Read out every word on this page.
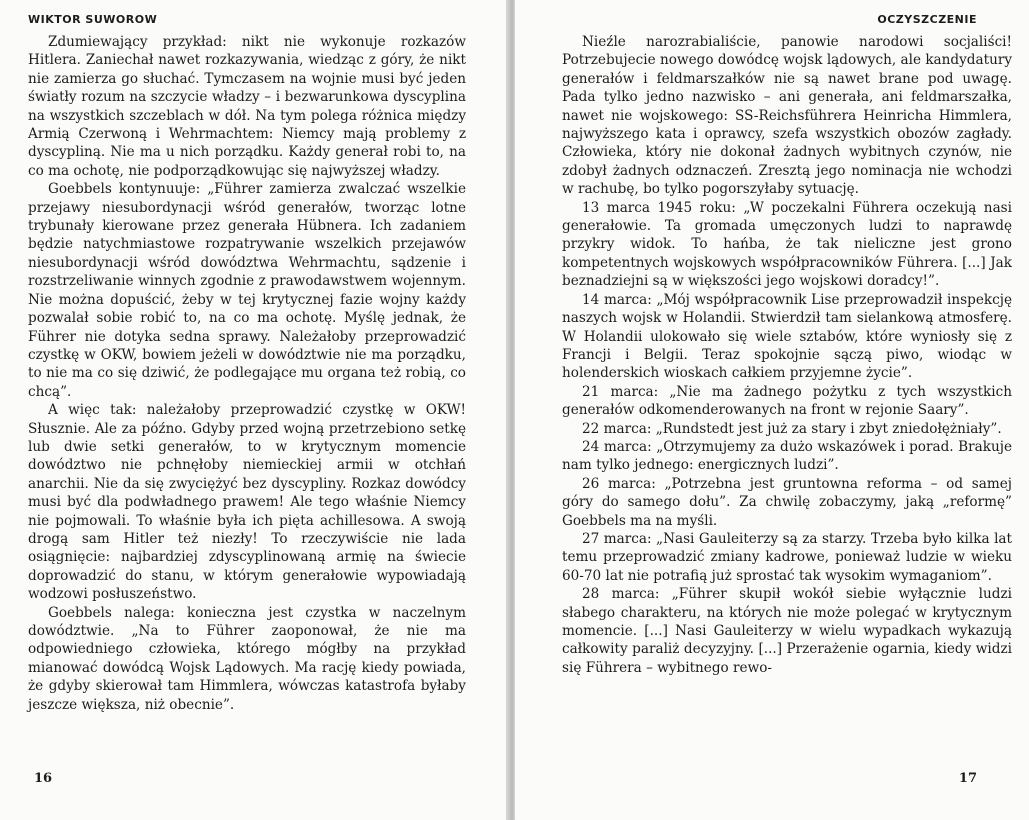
WIKTOR SUWOROW

Zdumiewający przykład: nikt nie wykonuje rozkazów Hitlera. Zaniechał nawet rozkazywania, wiedząc z góry, że nikt nie zamierza go słuchać. Tymczasem na wojnie musi być jeden światły rozum na szczycie władzy – i bezwarunkowa dyscyplina na wszystkich szczeblach w dół. Na tym polega różnica między Armią Czerwoną i Wehrmachtem: Niemcy mają problemy z dyscypliną. Nie ma u nich porządku. Każdy generał robi to, na co ma ochotę, nie podporządkowując się najwyższej władzy.

Goebbels kontynuuje: „Führer zamierza zwalczać wszelkie przejawy niesubordynacji wśród generałów, tworząc lotne trybunały kierowane przez generała Hübnera. Ich zadaniem będzie natychmiastowe rozpatrywanie wszelkich przejawów niesubordynacji wśród dowództwa Wehrmachtu, sądzenie i rozstrzeliwanie winnych zgodnie z prawodawstwem wojennym. Nie można dopuścić, żeby w tej krytycznej fazie wojny każdy pozwalał sobie robić to, na co ma ochotę. Myślę jednak, że Führer nie dotyka sedna sprawy. Należałoby przeprowadzić czystkę w OKW, bowiem jeżeli w dowództwie nie ma porządku, to nie ma co się dziwić, że podlegające mu organa też robią, co chcą”.

A więc tak: należałoby przeprowadzić czystkę w OKW! Słusznie. Ale za późno. Gdyby przed wojną przetrzebiono setkę lub dwie setki generałów, to w krytycznym momencie dowództwo nie pchnęłoby niemieckiej armii w otchłań anarchii. Nie da się zwyciężyć bez dyscypliny. Rozkaz dowódcy musi być dla podwładnego prawem! Ale tego właśnie Niemcy nie pojmowali. To właśnie była ich pięta achillesowa. A swoją drogą sam Hitler też niezły! To rzeczywiście nie lada osiągnięcie: najbardziej zdyscyplinowaną armię na świecie doprowadzić do stanu, w którym generałowie wypowiadają wodzowi posłuszeństwo.

Goebbels nalega: konieczna jest czystka w naczelnym dowództwie. „Na to Führer zaoponował, że nie ma odpowiedniego człowieka, którego mógłby na przykład mianować dowódcą Wojsk Lądowych. Ma rację kiedy powiada, że gdyby skierował tam Himmlera, wówczas katastrofa byłaby jeszcze większa, niż obecnie”.

16
OCZYSZCZENIE

Nieźle narozrabialiście, panowie narodowi socjaliści! Potrzebujecie nowego dowódcę wojsk lądowych, ale kandydatury generałów i feldmarszałków nie są nawet brane pod uwagę. Pada tylko jedno nazwisko – ani generała, ani feldmarszałka, nawet nie wojskowego: SS-Reichsführera Heinricha Himmlera, najwyższego kata i oprawcy, szefa wszystkich obozów zagłady. Człowieka, który nie dokonał żadnych wybitnych czynów, nie zdobył żadnych odznaczeń. Zresztą jego nominacja nie wchodzi w rachubę, bo tylko pogorszyłaby sytuację.

13 marca 1945 roku: „W poczekalni Führera oczekują nasi generałowie. Ta gromada umęczonych ludzi to naprawdę przykry widok. To hańba, że tak nieliczne jest grono kompetentnych wojskowych współpracowników Führera. [...] Jak beznadziejni są w większości jego wojskowi doradcy!”.

14 marca: „Mój współpracownik Lise przeprowadził inspekcję naszych wojsk w Holandii. Stwierdził tam sielankową atmosferę. W Holandii ulokowało się wiele sztabów, które wyniosły się z Francji i Belgii. Teraz spokojnie sączą piwo, wiodąc w holenderskich wioskach całkiem przyjemne życie”.

21 marca: „Nie ma żadnego pożytku z tych wszystkich generałów odkomenderowanych na front w rejonie Saary”.

22 marca: „Rundstedt jest już za stary i zbyt zniedołężniały”.

24 marca: „Otrzymujemy za dużo wskazówek i porad. Brakuje nam tylko jednego: energicznych ludzi”.

26 marca: „Potrzebna jest gruntowna reforma – od samej góry do samego dołu”. Za chwilę zobaczymy, jaką „reformę” Goebbels ma na myśli.

27 marca: „Nasi Gauleiterzy są za starzy. Trzeba było kilka lat temu przeprowadzić zmiany kadrowe, ponieważ ludzie w wieku 60-70 lat nie potrafią już sprostać tak wysokim wymaganiom”.

28 marca: „Führer skupił wokół siebie wyłącznie ludzi słabego charakteru, na których nie może polegać w krytycznym momencie. [...] Nasi Gauleiterzy w wielu wypadkach wykazują całkowity paraliż decyzyjny. [...] Przerażenie ogarnia, kiedy widzi się Führera – wybitnego rewo-

17
